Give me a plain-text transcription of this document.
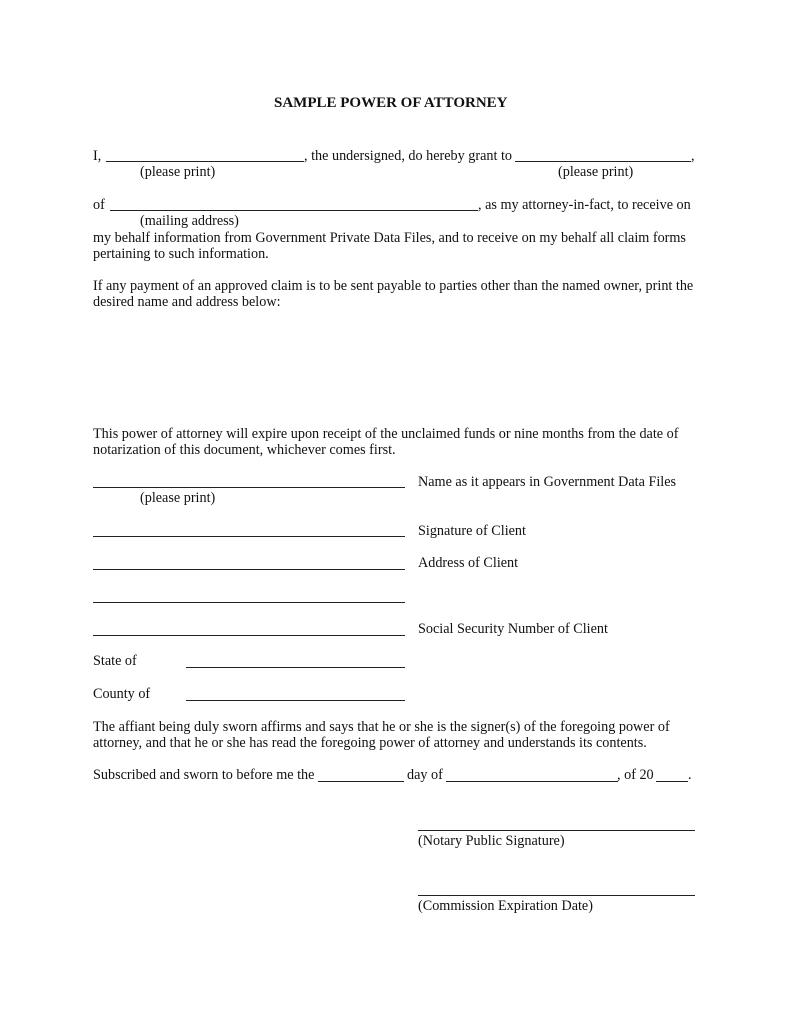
SAMPLE POWER OF ATTORNEY
I,	, the undersigned, do hereby grant to	,
(please print)	(please print)
of	, as my attorney-in-fact, to receive on
(mailing address)
my behalf information from Government Private Data Files, and to receive on my behalf all claim forms
pertaining to such information.
If any payment of an approved claim is to be sent payable to parties other than the named owner, print the
desired name and address below:
This power of attorney will expire upon receipt of the unclaimed funds or nine months from the date of
notarization of this document, whichever comes first.
Name as it appears in Government Data Files
(please print)
Signature of Client
Address of Client
Social Security Number of Client
State of
County of
The affiant being duly sworn affirms and says that he or she is the signer(s) of the foregoing power of
attorney, and that he or she has read the foregoing power of attorney and understands its contents.
Subscribed and sworn to before me the	day of	, of 20 .
(Notary Public Signature)
(Commission Expiration Date)
